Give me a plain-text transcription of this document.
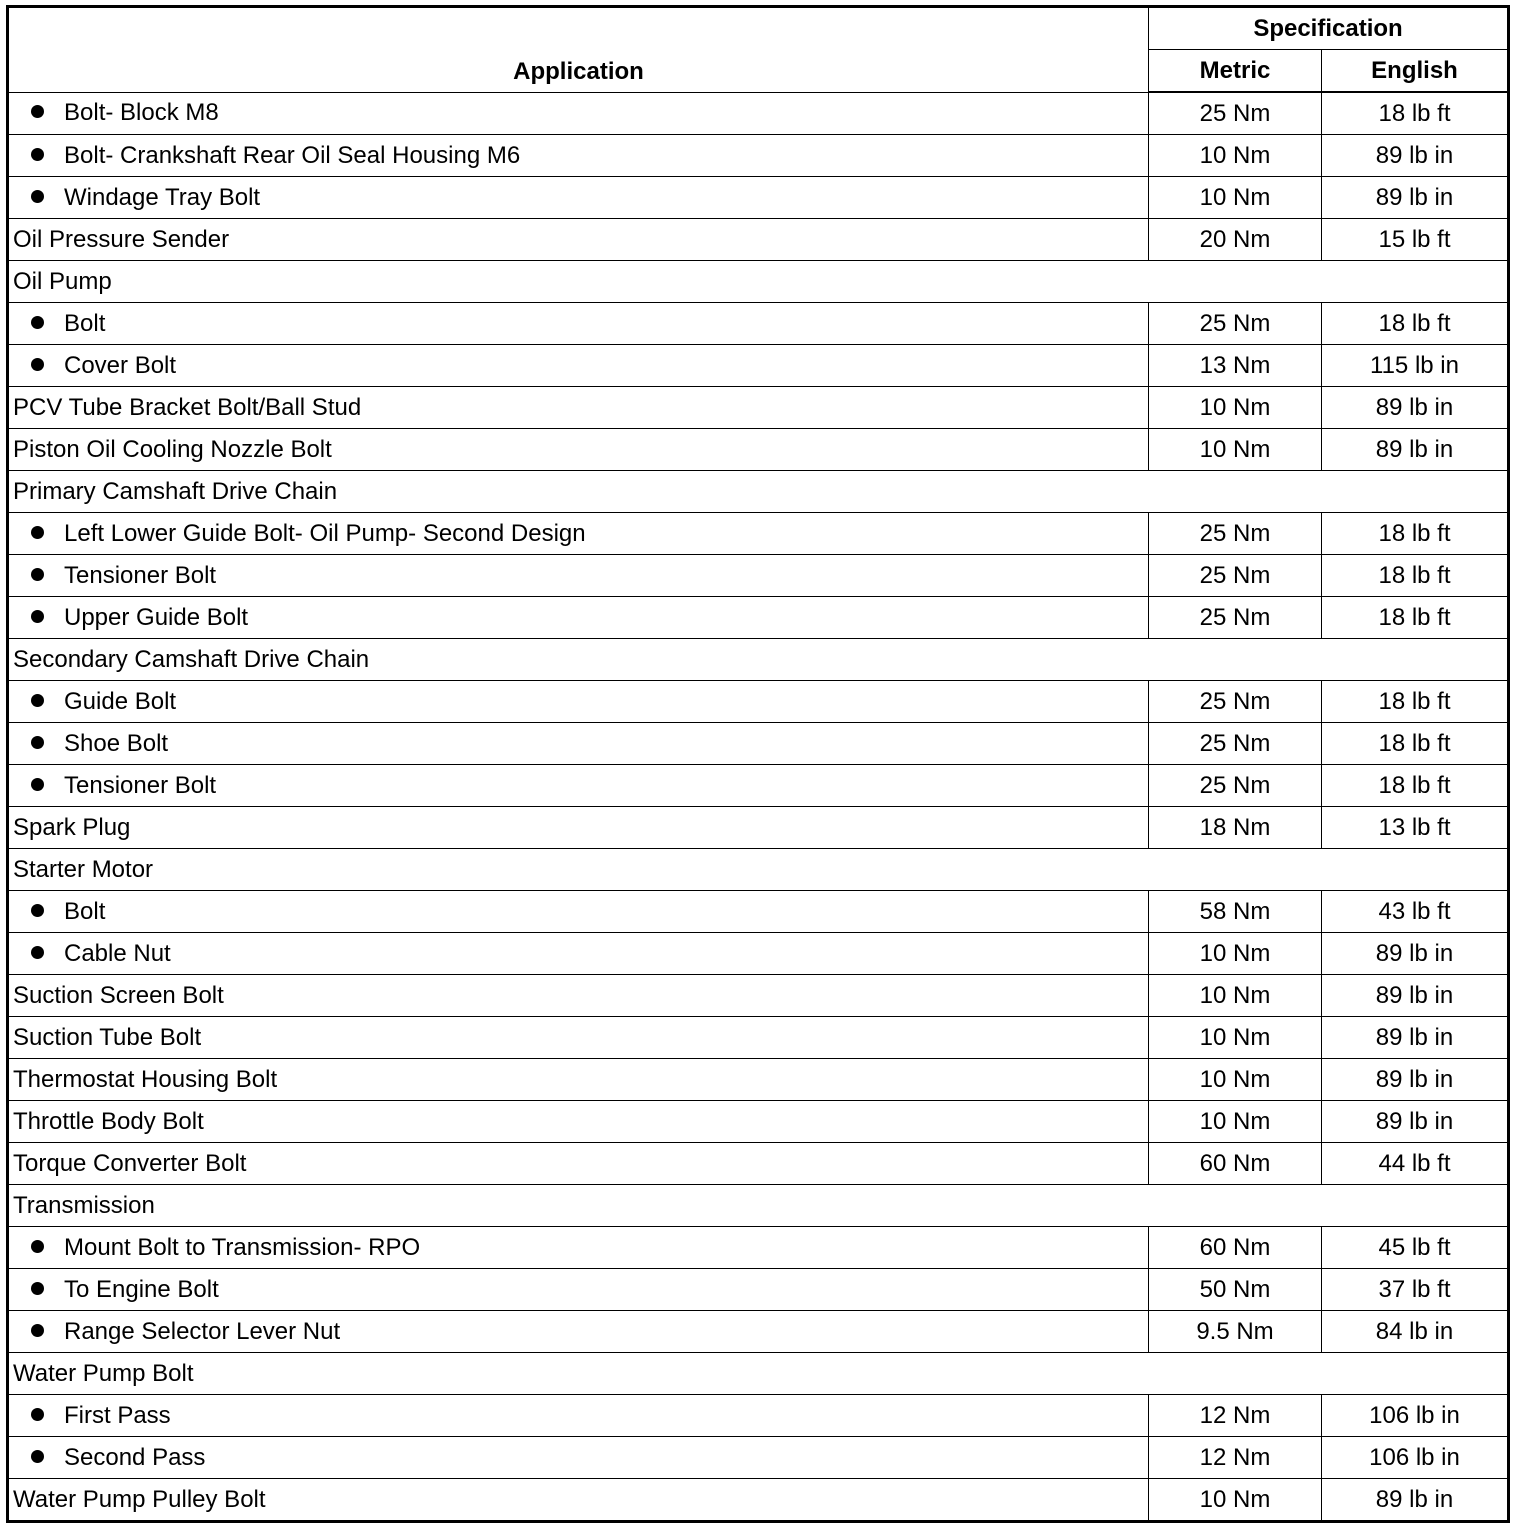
Application	Specification	
	Metric	English
Bolt- Block M8	25 Nm	18 lb ft
Bolt- Crankshaft Rear Oil Seal Housing M6	10 Nm	89 lb in
Windage Tray Bolt	10 Nm	89 lb in
Oil Pressure Sender	20 Nm	15 lb ft
Oil Pump		
Bolt	25 Nm	18 lb ft
Cover Bolt	13 Nm	115 lb in
PCV Tube Bracket Bolt/Ball Stud	10 Nm	89 lb in
Piston Oil Cooling Nozzle Bolt	10 Nm	89 lb in
Primary Camshaft Drive Chain		
Left Lower Guide Bolt- Oil Pump- Second Design	25 Nm	18 lb ft
Tensioner Bolt	25 Nm	18 lb ft
Upper Guide Bolt	25 Nm	18 lb ft
Secondary Camshaft Drive Chain		
Guide Bolt	25 Nm	18 lb ft
Shoe Bolt	25 Nm	18 lb ft
Tensioner Bolt	25 Nm	18 lb ft
Spark Plug	18 Nm	13 lb ft
Starter Motor		
Bolt	58 Nm	43 lb ft
Cable Nut	10 Nm	89 lb in
Suction Screen Bolt	10 Nm	89 lb in
Suction Tube Bolt	10 Nm	89 lb in
Thermostat Housing Bolt	10 Nm	89 lb in
Throttle Body Bolt	10 Nm	89 lb in
Torque Converter Bolt	60 Nm	44 lb ft
Transmission		
Mount Bolt to Transmission- RPO	60 Nm	45 lb ft
To Engine Bolt	50 Nm	37 lb ft
Range Selector Lever Nut	9.5 Nm	84 lb in
Water Pump Bolt		
First Pass	12 Nm	106 lb in
Second Pass	12 Nm	106 lb in
Water Pump Pulley Bolt	10 Nm	89 lb in
